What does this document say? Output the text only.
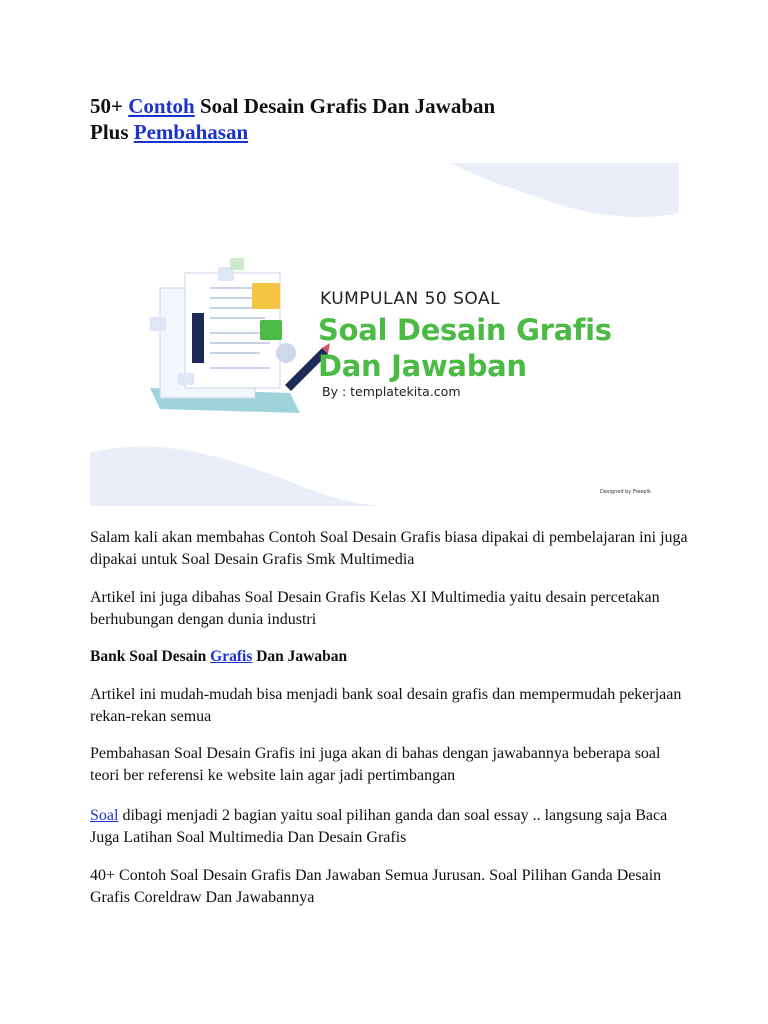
50+ Contoh Soal Desain Grafis Dan Jawaban
Plus Pembahasan
KUMPULAN 50 SOAL
Soal Desain Grafis
Dan Jawaban
By : templatekita.com
Designed by Freepik

Salam kali akan membahas Contoh Soal Desain Grafis biasa dipakai di pembelajaran ini juga dipakai untuk Soal Desain Grafis Smk Multimedia

Artikel ini juga dibahas Soal Desain Grafis Kelas XI Multimedia yaitu desain percetakan berhubungan dengan dunia industri

Bank Soal Desain Grafis Dan Jawaban

Artikel ini mudah-mudah bisa menjadi bank soal desain grafis dan mempermudah pekerjaan rekan-rekan semua

Pembahasan Soal Desain Grafis ini juga akan di bahas dengan jawabannya beberapa soal teori ber referensi ke website lain agar jadi pertimbangan

Soal dibagi menjadi 2 bagian yaitu soal pilihan ganda dan soal essay .. langsung saja Baca Juga Latihan Soal Multimedia Dan Desain Grafis

40+ Contoh Soal Desain Grafis Dan Jawaban Semua Jurusan. Soal Pilihan Ganda Desain Grafis Coreldraw Dan Jawabannya
